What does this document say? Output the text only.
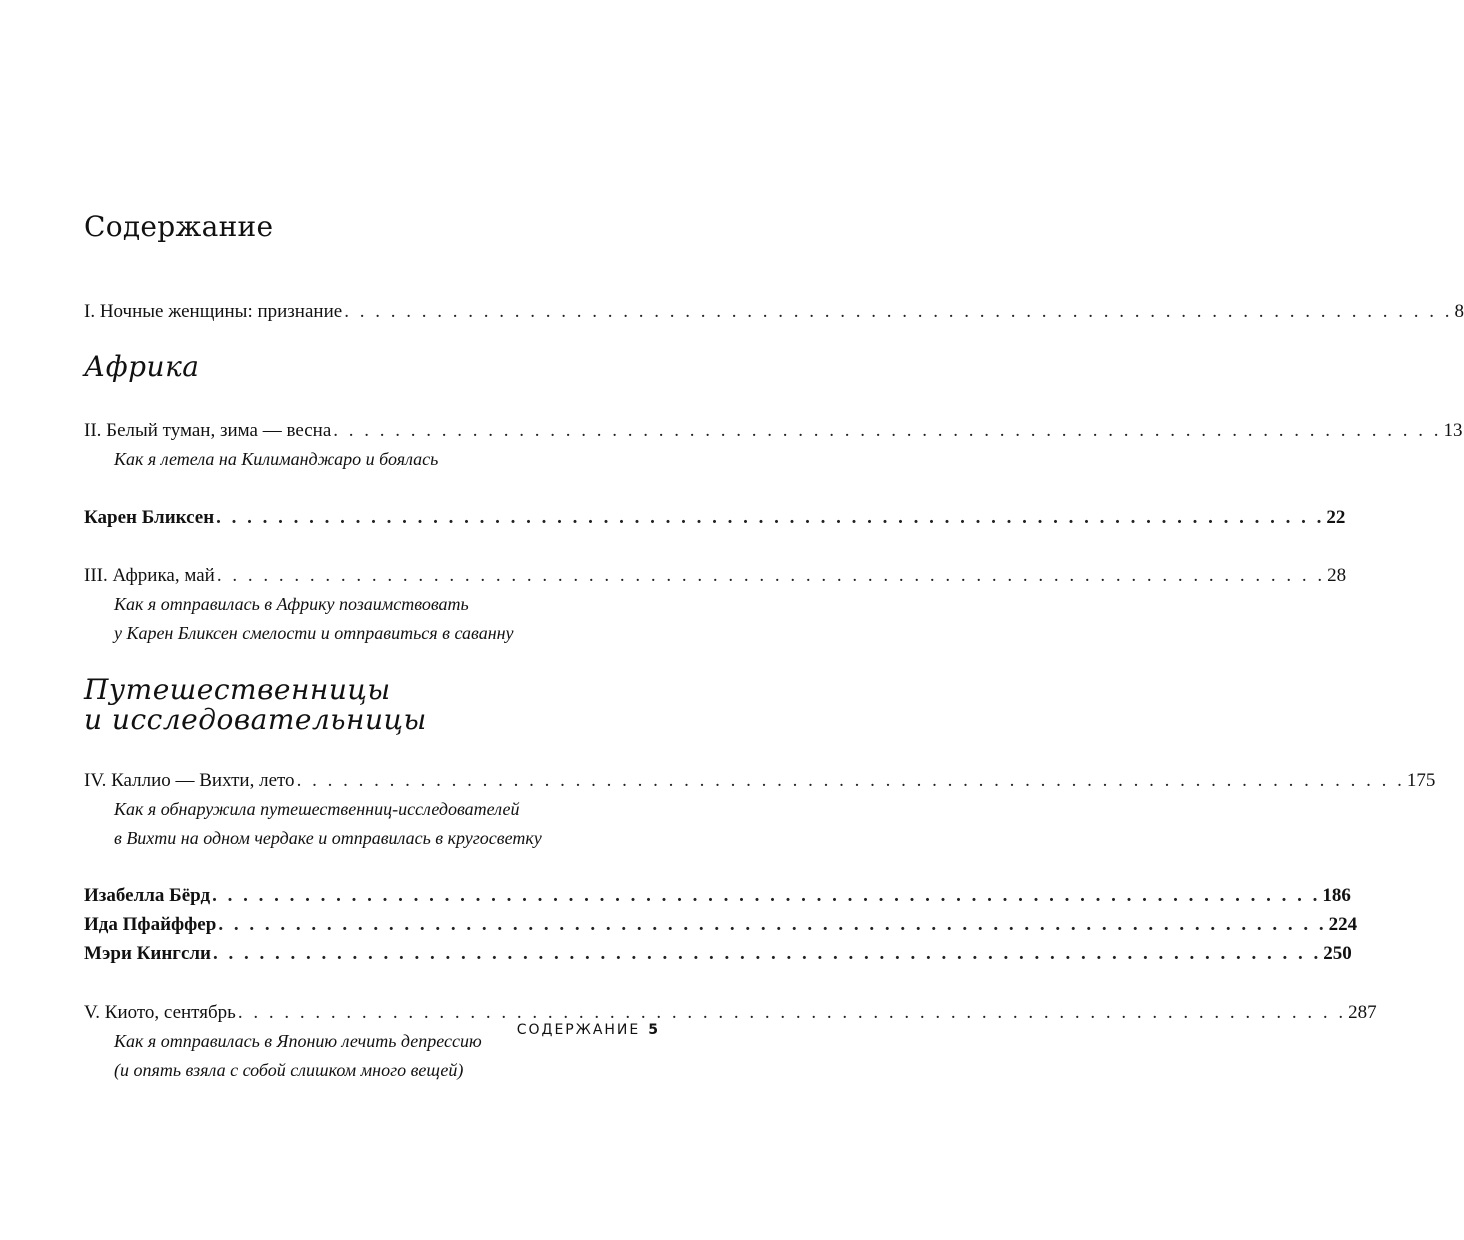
Содержание
I. Ночные женщины: признание . . . . . . . . . . . . . . . . . . . . . . . . . . . . . . . . . . . . . . . . . . . . . . . . . . . . . . . . . . . . . . . . . . . . . . . . 8
Африка
II. Белый туман, зима — весна . . . . . . . . . . . . . . . . . . . . . . . . . . . . . . . . . . . . . . . . . . . . . . . . . . . . . . . . . . . . . . . . . . . . . . . . 13
Как я летела на Килиманджаро и боялась
Карен Бликсен . . . . . . . . . . . . . . . . . . . . . . . . . . . . . . . . . . . . . . . . . . . . . . . . . . . . . . . . . . . . . . . . . . . . . . . . 22
III. Африка, май . . . . . . . . . . . . . . . . . . . . . . . . . . . . . . . . . . . . . . . . . . . . . . . . . . . . . . . . . . . . . . . . . . . . . . . . 28
Как я отправилась в Африку позаимствовать
у Карен Бликсен смелости и отправиться в саванну
Путешественницы
и исследовательницы
IV. Каллио — Вихти, лето . . . . . . . . . . . . . . . . . . . . . . . . . . . . . . . . . . . . . . . . . . . . . . . . . . . . . . . . . . . . . . . . . . . . . . . . 175
Как я обнаружила путешественниц-исследователей
в Вихти на одном чердаке и отправилась в кругосветку
Изабелла Бёрд . . . . . . . . . . . . . . . . . . . . . . . . . . . . . . . . . . . . . . . . . . . . . . . . . . . . . . . . . . . . . . . . . . . . . . . . 186
Ида Пфайффер . . . . . . . . . . . . . . . . . . . . . . . . . . . . . . . . . . . . . . . . . . . . . . . . . . . . . . . . . . . . . . . . . . . . . . . . 224
Мэри Кингсли . . . . . . . . . . . . . . . . . . . . . . . . . . . . . . . . . . . . . . . . . . . . . . . . . . . . . . . . . . . . . . . . . . . . . . . . 250
V. Киото, сентябрь . . . . . . . . . . . . . . . . . . . . . . . . . . . . . . . . . . . . . . . . . . . . . . . . . . . . . . . . . . . . . . . . . . . . . . . . 287
Как я отправилась в Японию лечить депрессию
(и опять взяла с собой слишком много вещей)
СОДЕРЖАНИЕ 5
